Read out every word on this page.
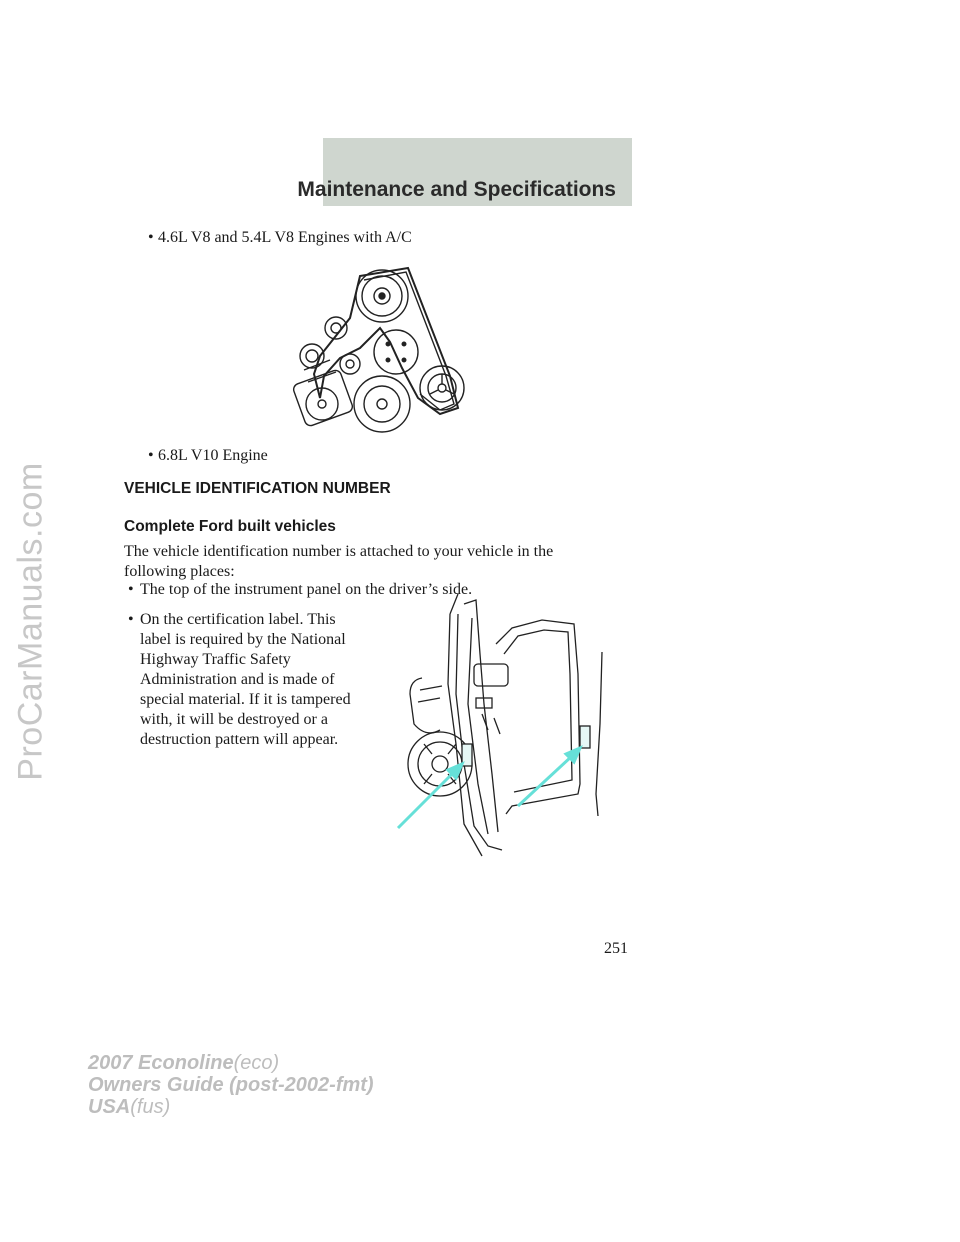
ProCarManuals.com
Maintenance and Specifications
• 4.6L V8 and 5.4L V8 Engines with A/C
• 6.8L V10 Engine
VEHICLE IDENTIFICATION NUMBER
Complete Ford built vehicles
The vehicle identification number is attached to your vehicle in the
following places:
• The top of the instrument panel on the driver’s side.
• On the certification label. This
label is required by the National
Highway Traffic Safety
Administration and is made of
special material. If it is tampered
with, it will be destroyed or a
destruction pattern will appear.
251
2007 Econoline(eco)
Owners Guide (post-2002-fmt)
USA(fus)
